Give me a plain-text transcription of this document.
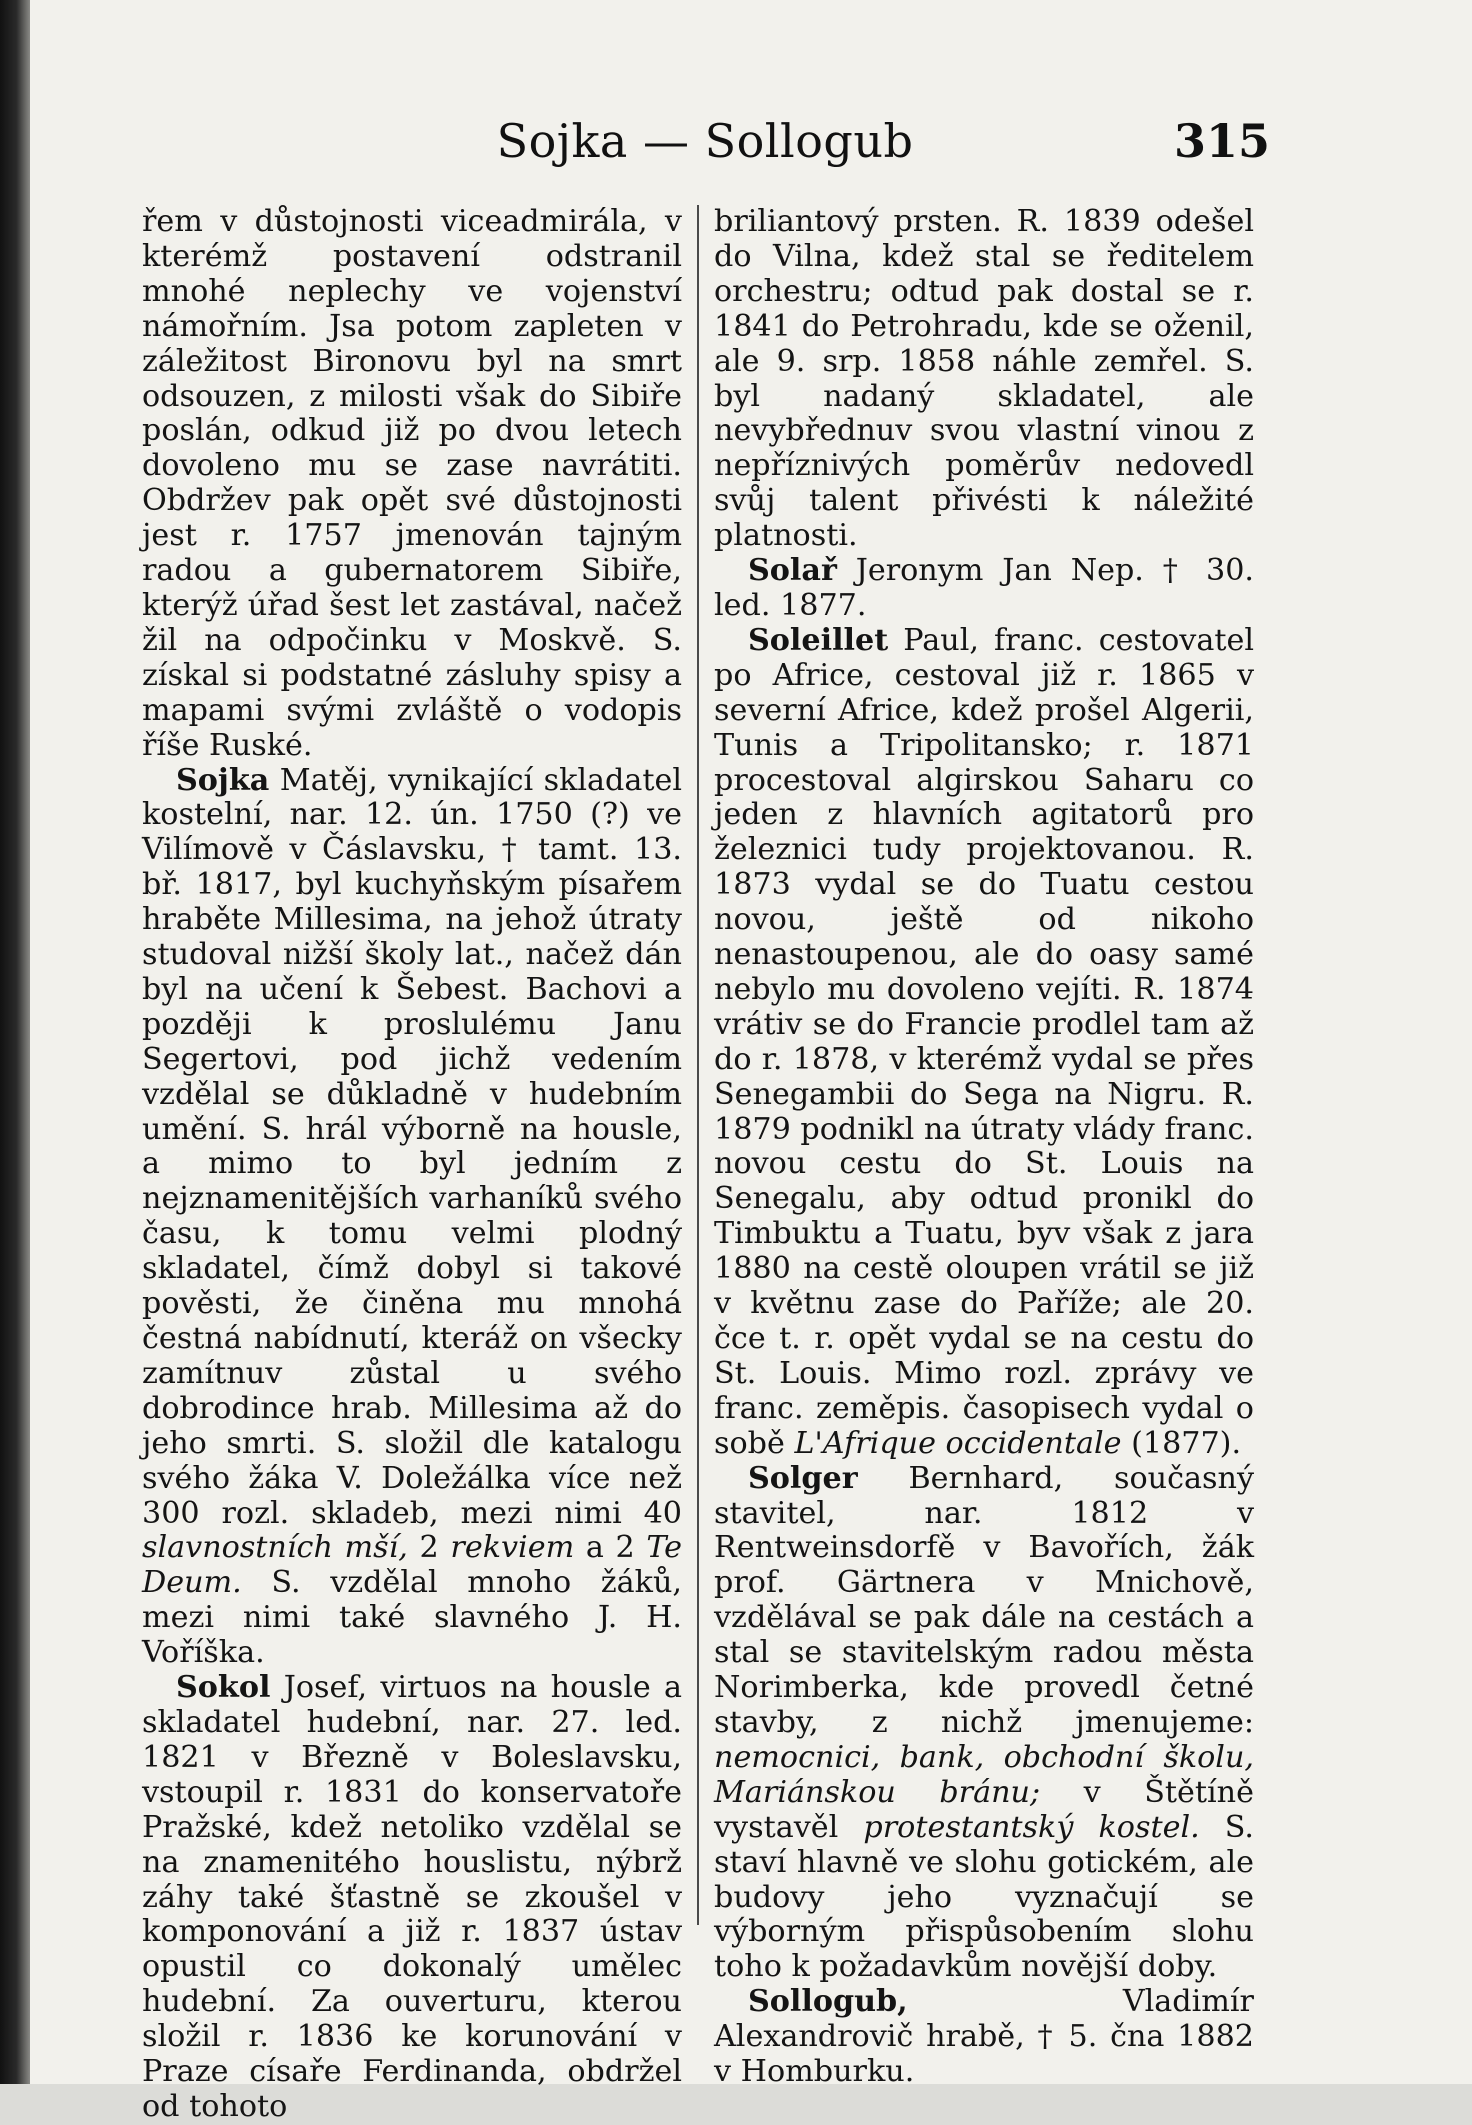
Sojka — Sollogub	315

řem v důstojnosti viceadmirála, v kterémž postavení odstranil mnohé neplechy ve vojenství námořním. Jsa potom zapleten v záležitost Bironovu byl na smrt odsouzen, z milosti však do Sibiře poslán, odkud již po dvou letech dovoleno mu se zase navrátiti. Obdržev pak opět své důstojnosti jest r. 1757 jmenován tajným radou a gubernatorem Sibiře, kterýž úřad šest let zastával, načež žil na odpočinku v Moskvě. S. získal si podstatné zásluhy spisy a mapami svými zvláště o vodopis říše Ruské.

Sojka Matěj, vynikající skladatel kostelní, nar. 12. ún. 1750 (?) ve Vilímově v Čáslavsku, † tamt. 13. bř. 1817, byl kuchyňským písařem hraběte Millesima, na jehož útraty studoval nižší školy lat., načež dán byl na učení k Šebest. Bachovi a později k proslulému Janu Segertovi, pod jichž vedením vzdělal se důkladně v hudebním umění. S. hrál výborně na housle, a mimo to byl jedním z nejznamenitějších varhaníků svého času, k tomu velmi plodný skladatel, čímž dobyl si takové pověsti, že činěna mu mnohá čestná nabídnutí, kteráž on všecky zamítnuv zůstal u svého dobrodince hrab. Millesima až do jeho smrti. S. složil dle katalogu svého žáka V. Doležálka více než 300 rozl. skladeb, mezi nimi 40 slavnostních mší, 2 rekviem a 2 Te Deum. S. vzdělal mnoho žáků, mezi nimi také slavného J. H. Voříška.

Sokol Josef, virtuos na housle a skladatel hudební, nar. 27. led. 1821 v Březně v Boleslavsku, vstoupil r. 1831 do konservatoře Pražské, kdež netoliko vzdělal se na znamenitého houslistu, nýbrž záhy také šťastně se zkoušel v komponování a již r. 1837 ústav opustil co dokonalý umělec hudební. Za ouverturu, kterou složil r. 1836 ke korunování v Praze císaře Ferdinanda, obdržel od tohoto

briliantový prsten. R. 1839 odešel do Vilna, kdež stal se ředitelem orchestru; odtud pak dostal se r. 1841 do Petrohradu, kde se oženil, ale 9. srp. 1858 náhle zemřel. S. byl nadaný skladatel, ale nevybřednuv svou vlastní vinou z nepříznivých poměrův nedovedl svůj talent přivésti k náležité platnosti.

Solař Jeronym Jan Nep. † 30. led. 1877.

Soleillet Paul, franc. cestovatel po Africe, cestoval již r. 1865 v severní Africe, kdež prošel Algerii, Tunis a Tripolitansko; r. 1871 procestoval algirskou Saharu co jeden z hlavních agitatorů pro železnici tudy projektovanou. R. 1873 vydal se do Tuatu cestou novou, ještě od nikoho nenastoupenou, ale do oasy samé nebylo mu dovoleno vejíti. R. 1874 vrátiv se do Francie prodlel tam až do r. 1878, v kterémž vydal se přes Senegambii do Sega na Nigru. R. 1879 podnikl na útraty vlády franc. novou cestu do St. Louis na Senegalu, aby odtud pronikl do Timbuktu a Tuatu, byv však z jara 1880 na cestě oloupen vrátil se již v květnu zase do Paříže; ale 20. čce t. r. opět vydal se na cestu do St. Louis. Mimo rozl. zprávy ve franc. zeměpis. časopisech vydal o sobě L'Afrique occidentale (1877).

Solger Bernhard, současný stavitel, nar. 1812 v Rentweinsdorfě v Bavořích, žák prof. Gärtnera v Mnichově, vzdělával se pak dále na cestách a stal se stavitelským radou města Norimberka, kde provedl četné stavby, z nichž jmenujeme: nemocnici, bank, obchodní školu, Mariánskou bránu; v Štětíně vystavěl protestantský kostel. S. staví hlavně ve slohu gotickém, ale budovy jeho vyznačují se výborným přispůsobením slohu toho k požadavkům novější doby.

Sollogub, Vladimír Alexandrovič hrabě, † 5. čna 1882 v Homburku.
